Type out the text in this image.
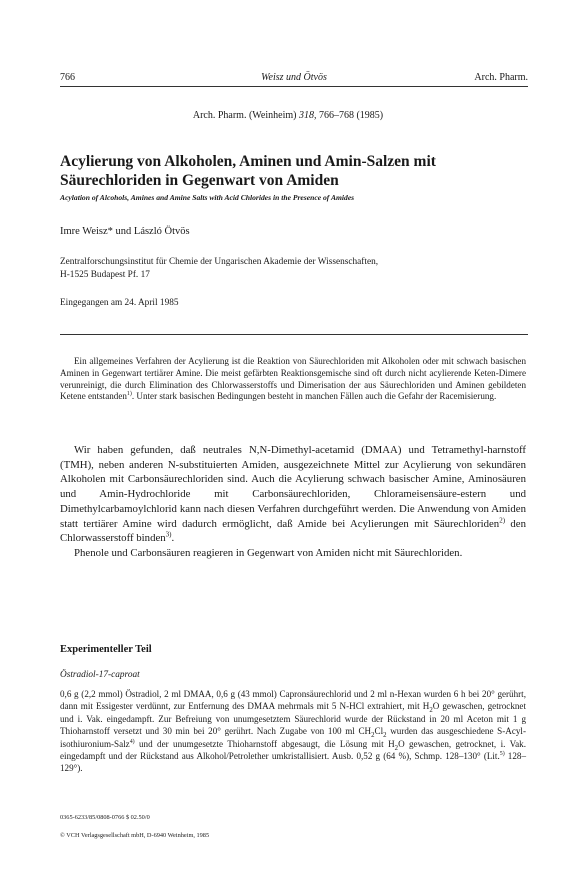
766	Weisz und Ötvös	Arch. Pharm.
Arch. Pharm. (Weinheim) 318, 766–768 (1985)
Acylierung von Alkoholen, Aminen und Amin-Salzen mit Säurechloriden in Gegenwart von Amiden

Acylation of Alcohols, Amines and Amine Salts with Acid Chlorides in the Presence of Amides

Imre Weisz* und László Ötvös
Zentralforschungsinstitut für Chemie der Ungarischen Akademie der Wissenschaften,
H-1525 Budapest Pf. 17
Eingegangen am 24. April 1985

Ein allgemeines Verfahren der Acylierung ist die Reaktion von Säurechloriden mit Alkoholen oder mit schwach basischen Aminen in Gegenwart tertiärer Amine. Die meist gefärbten Reaktionsgemische sind oft durch nicht acylierende Keten-Dimere verunreinigt, die durch Elimination des Chlorwasserstoffs und Dimerisation der aus Säurechloriden und Aminen gebildeten Ketene entstanden$^{1)}$. Unter stark basischen Bedingungen besteht in manchen Fällen auch die Gefahr der Racemisierung.

Wir haben gefunden, daß neutrales N,N-Dimethyl-acetamid (DMAA) und Tetramethyl-harnstoff (TMH), neben anderen N-substituierten Amiden, ausgezeichnete Mittel zur Acylierung von sekundären Alkoholen mit Carbonsäurechloriden sind. Auch die Acylierung schwach basischer Amine, Aminosäuren und Amin-Hydrochloride mit Carbonsäurechloriden, Chlorameisensäure-estern und Dimethylcarbamoylchlorid kann nach diesen Verfahren durchgeführt werden. Die Anwendung von Amiden statt tertiärer Amine wird dadurch ermöglicht, daß Amide bei Acylierungen mit Säurechloriden$^{2)}$ den Chlorwasserstoff binden$^{3)}$.

Phenole und Carbonsäuren reagieren in Gegenwart von Amiden nicht mit Säurechloriden.

Experimenteller Teil
Östradiol-17-caproat

0,6 g (2,2 mmol) Östradiol, 2 ml DMAA, 0,6 g (43 mmol) Capronsäurechlorid und 2 ml n-Hexan wurden 6 h bei 20° gerührt, dann mit Essigester verdünnt, zur Entfernung des DMAA mehrmals mit 5 N-HCl extrahiert, mit $H_2O$ gewaschen, getrocknet und i. Vak. eingedampft. Zur Befreiung von unumgesetztem Säurechlorid wurde der Rückstand in 20 ml Aceton mit 1 g Thioharnstoff versetzt und 30 min bei 20° gerührt. Nach Zugabe von 100 ml $CH_2Cl_2$ wurden das ausgeschiedene S-Acyl-isothiuronium-Salz$^{4)}$ und der unumgesetzte Thioharnstoff abgesaugt, die Lösung mit $H_2O$ gewaschen, getrocknet, i. Vak. eingedampft und der Rückstand aus Alkohol/Petrolether umkristallisiert. Ausb. 0,52 g (64 %), Schmp. 128–130° (Lit.$^{5)}$ 128–129°).

0365-6233/85/0808-0766 $ 02.50/0
© VCH Verlagsgesellschaft mbH, D-6940 Weinheim, 1985
